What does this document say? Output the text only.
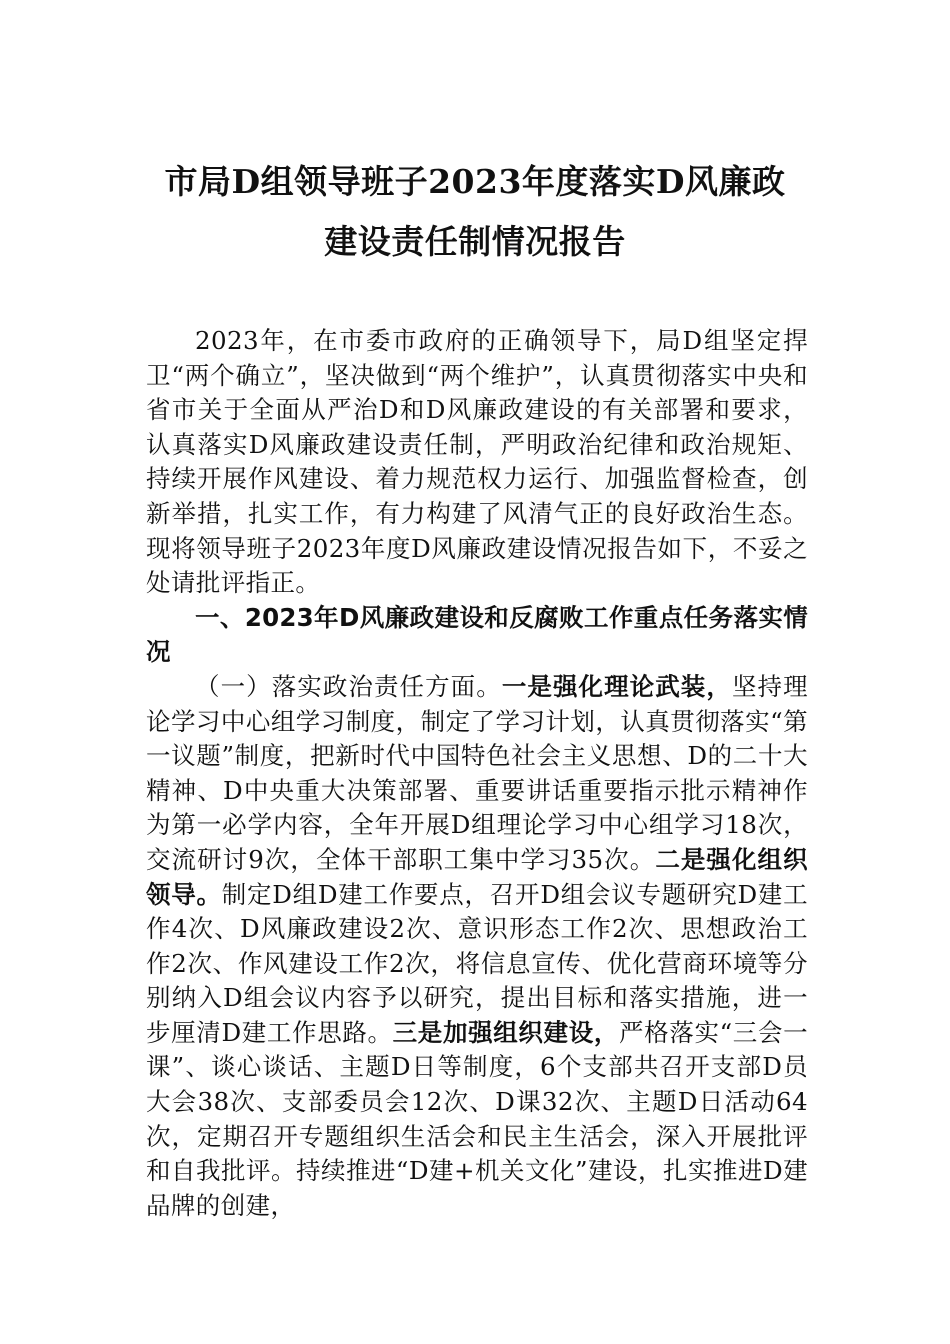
市局D组领导班子2023年度落实D风廉政
建设责任制情况报告

2023年，在市委市政府的正确领导下，局D组坚定捍卫“两个确立”，坚决做到“两个维护”，认真贯彻落实中央和省市关于全面从严治D和D风廉政建设的有关部署和要求，认真落实D风廉政建设责任制，严明政治纪律和政治规矩、持续开展作风建设、着力规范权力运行、加强监督检查，创新举措，扎实工作，有力构建了风清气正的良好政治生态。现将领导班子2023年度D风廉政建设情况报告如下，不妥之处请批评指正。

一、2023年D风廉政建设和反腐败工作重点任务落实情况

（一）落实政治责任方面。一是强化理论武装，坚持理论学习中心组学习制度，制定了学习计划，认真贯彻落实“第一议题”制度，把新时代中国特色社会主义思想、D的二十大精神、D中央重大决策部署、重要讲话重要指示批示精神作为第一必学内容，全年开展D组理论学习中心组学习18次，交流研讨9次，全体干部职工集中学习35次。二是强化组织领导。制定D组D建工作要点，召开D组会议专题研究D建工作4次、D风廉政建设2次、意识形态工作2次、思想政治工作2次、作风建设工作2次，将信息宣传、优化营商环境等分别纳入D组会议内容予以研究，提出目标和落实措施，进一步厘清D建工作思路。三是加强组织建设，严格落实“三会一课”、谈心谈话、主题D日等制度，6个支部共召开支部D员大会38次、支部委员会12次、D课32次、主题D日活动64次，定期召开专题组织生活会和民主生活会，深入开展批评和自我批评。持续推进“D建+机关文化”建设，扎实推进D建品牌的创建，
